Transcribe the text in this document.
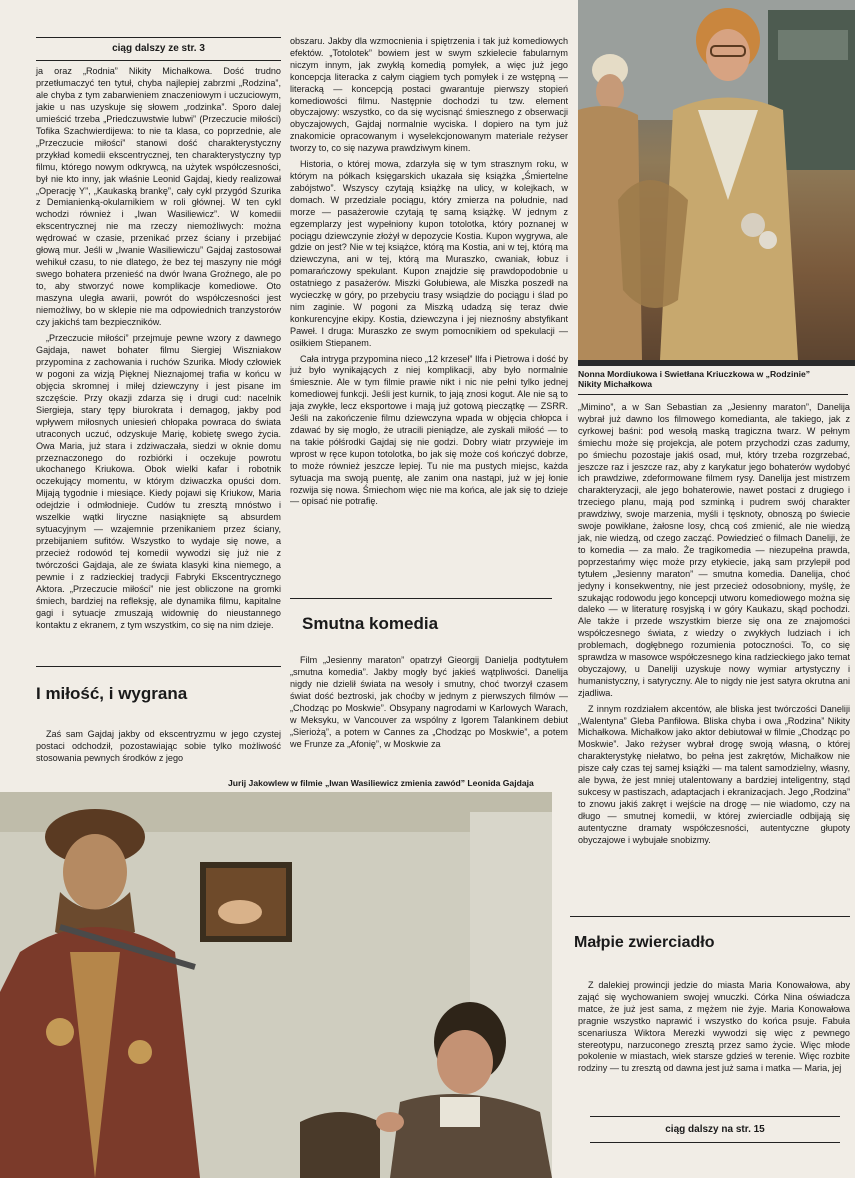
ciąg dalszy ze str. 3

ja oraz „Rodnia” Nikity Michałkowa. Dość trudno przetłumaczyć ten tytuł, chyba najlepiej zabrzmi „Rodzina”, ale chyba z tym zabarwieniem znaczeniowym i uczuciowym, jakie u nas uzyskuje się słowem „rodzinka”. Sporo dalej umieścić trzeba „Priedczuwstwie lubwi” (Przeczucie miłości) Tofika Szachwierdijewa: to nie ta klasa, co poprzednie, ale „Przeczucie miłości” stanowi dość charakterystyczny przykład komedii ekscentrycznej, ten charakterystyczny typ filmu, którego nowym odkrywcą, na użytek współczesności, był nie kto inny, jak właśnie Leonid Gajdaj, kiedy realizował „Operację Y”, „Kaukaską brankę”, cały cykl przygód Szurika z Demianienką-okularnikiem w roli głównej. W ten cykl wchodzi również i „Iwan Wasiliewicz”. W komedii ekscentrycznej nie ma rzeczy niemożliwych: można wędrować w czasie, przenikać przez ściany i przebijać głową mur. Jeśli w „Iwanie Wasiliewiczu” Gajdaj zastosował wehikuł czasu, to nie dlatego, że bez tej maszyny nie mógł swego bohatera przenieść na dwór Iwana Groźnego, ale po to, aby stworzyć nowe komplikacje komediowe. Oto maszyna uległa awarii, powrót do współczesności jest niemożliwy, bo w sklepie nie ma odpowiednich tranzystorów czy jakichś tam bezpieczników.

„Przeczucie miłości” przejmuje pewne wzory z dawnego Gajdaja, nawet bohater filmu Siergiej Wiszniakow przypomina z zachowania i ruchów Szurika. Młody człowiek w pogoni za wizją Pięknej Nieznajomej trafia w końcu w objęcia skromnej i miłej dziewczyny i jest pisane im szczęście. Przy okazji zdarza się i drugi cud: nacelnik Siergieja, stary tępy biurokrata i demagog, jakby pod wpływem miłosnych uniesień chłopaka powraca do świata utraconych uczuć, odzyskuje Marię, kobietę swego życia. Owa Maria, już stara i zdziwaczała, siedzi w oknie domu przeznaczonego do rozbiórki i oczekuje powrotu ukochanego Kriukowa. Obok wielki kafar i robotnik oczekujący momentu, w którym dziwaczka opuści dom. Mijają tygodnie i miesiące. Kiedy pojawi się Kriukow, Maria odejdzie i odmłodnieje. Cudów tu zresztą mnóstwo i wszelkie wątki liryczne nasiąknięte są absurdem sytuacyjnym — wzajemnie przenikaniem przez ściany, przebijaniem sufitów. Wszystko to wydaje się nowe, a przecież rodowód tej komedii wywodzi się już nie z twórczości Gajdaja, ale ze świata klasyki kina niemego, a pewnie i z radzieckiej tradycji Fabryki Ekscentrycznego Aktora. „Przeczucie miłości” nie jest obliczone na gromki śmiech, bardziej na refleksję, ale dynamika filmu, kapitalne gagi i sytuacje zmuszają widownię do nieustannego kontaktu z ekranem, z tym wszystkim, co się na nim dzieje.

I miłość, i wygrana

Zaś sam Gajdaj jakby od ekscentryzmu w jego czystej postaci odchodził, pozostawiając sobie tylko możliwość stosowania pewnych środków z jego

obszaru. Jakby dla wzmocnienia i spiętrzenia i tak już komediowych efektów. „Totolotek” bowiem jest w swym szkielecie fabularnym niczym innym, jak zwykłą komedią pomyłek, a więc już jego koncepcja literacka z całym ciągiem tych pomyłek i ze wstępną — literacką — koncepcją postaci gwarantuje pierwszy stopień komediowości filmu. Następnie dochodzi tu tzw. element obyczajowy: wszystko, co da się wycisnąć śmiesznego z obserwacji obyczajowych, Gajdaj normalnie wyciska. I dopiero na tym już znakomicie opracowanym i wyselekcjonowanym materiale reżyser tworzy to, co się nazywa prawdziwym kinem.

Historia, o której mowa, zdarzyła się w tym strasznym roku, w którym na półkach księgarskich ukazała się książka „Śmiertelne zabójstwo”. Wszyscy czytają książkę na ulicy, w kolejkach, w domach. W przedziale pociągu, który zmierza na południe, nad morze — pasażerowie czytają tę samą książkę. W jednym z egzemplarzy jest wypełniony kupon totolotka, który poznanej w pociągu dziewczynie złożył w depozycie Kostia. Kupon wygrywa, ale gdzie on jest? Nie w tej książce, którą ma Kostia, ani w tej, którą ma dziewczyna, ani w tej, którą ma Muraszko, cwaniak, łobuz i pomarańczowy spekulant. Kupon znajdzie się prawdopodobnie u ostatniego z pasażerów. Miszki Gołubiewa, ale Miszka poszedł na wycieczkę w góry, po przebyciu trasy wsiądzie do pociągu i ślad po nim zaginie. W pogoni za Miszką udadzą się teraz dwie konkurencyjne ekipy. Kostia, dziewczyna i jej nieznośny abstyfikant Paweł. I druga: Muraszko ze swym pomocnikiem od spekulacji — osiłkiem Stiepanem.

Cała intryga przypomina nieco „12 krzeseł” Ilfa i Pietrowa i dość by już było wynikających z niej komplikacji, aby było normalnie śmiesznie. Ale w tym filmie prawie nikt i nic nie pełni tylko jednej komediowej funkcji. Jeśli jest kurnik, to jają znosi kogut. Ale nie są to jaja zwykłe, lecz eksportowe i mają już gotową pieczątkę — ZSRR. Jeśli na zakończenie filmu dziewczyna wpada w objęcia chłopca i zdawać by się mogło, że utracili pieniądze, ale zyskali miłość — to na takie półśrodki Gajdaj się nie godzi. Dobry wiatr przywieje im wprost w ręce kupon totolotka, bo jak się może coś kończyć dobrze, to może również jeszcze lepiej. Tu nie ma pustych miejsc, każda sytuacja ma swoją puentę, ale zanim ona nastąpi, już w jej łonie rozwija się nowa. Śmiechom więc nie ma końca, ale jak się to dzieje — opisać nie potrafię.

Smutna komedia

Film „Jesienny maraton” opatrzył Gieorgij Danielja podtytułem „smutna komedia”. Jakby mogły być jakieś wątpliwości. Danelija nigdy nie dzielił świata na wesoły i smutny, choć tworzył czasem świat dość beztroski, jak choćby w jednym z pierwszych filmów — „Chodząc po Moskwie”. Obsypany nagrodami w Karlowych Warach, w Meksyku, w Vancouver za wspólny z Igorem Talankinem debiut „Sieriożą”, a potem w Cannes za „Chodząc po Moskwie”, a potem we Frunze za „Afonię”, w Moskwie za

Nonna Mordiukowa i Swietłana Kriuczkowa w „Rodzinie” Nikity Michałkowa

„Mimino”, a w San Sebastian za „Jesienny maraton”, Danelija wybrał już dawno los filmowego komedianta, ale takiego, jak z cyrkowej baśni: pod wesołą maską tragiczna twarz. W pełnym śmiechu może się projekcja, ale potem przychodzi czas zadumy, po śmiechu pozostaje jakiś osad, muł, który trzeba rozgrzebać, jeszcze raz i jeszcze raz, aby z karykatur jego bohaterów wydobyć ich prawdziwe, zdeformowane filmem rysy. Danelija jest mistrzem charakteryzacji, ale jego bohaterowie, nawet postaci z drugiego i trzeciego planu, mają pod szminką i pudrem swój charakter prawdziwy, swoje marzenia, myśli i tęsknoty, obnoszą po świecie swoje powikłane, żałosne losy, chcą coś zmienić, ale nie wiedzą jak, nie wiedzą, od czego zacząć. Powiedzieć o filmach Daneliji, że to komedia — za mało. Że tragikomedia — niezupełna prawda, poprzestańmy więc może przy etykiecie, jaką sam przylepił pod tytułem „Jesienny maraton” — smutna komedia. Danelija, choć jedyny i konsekwentny, nie jest przecież odosobniony, myślę, że szukając rodowodu jego koncepcji utworu komediowego można się daleko — w literaturę rosyjską i w góry Kaukazu, skąd pochodzi. Ale także i przede wszystkim bierze się ona ze znajomości współczesnego świata, z wiedzy o zwykłych ludziach i ich problemach, dogłębnego rozumienia potoczności. To, co się sprawdza w masowce współczesnego kina radzieckiego jako temat obyczajowy, u Daneliji uzyskuje nowy wymiar artystyczny i humanistyczny, i satyryczny. Ale to nigdy nie jest satyra okrutna ani zjadliwa.

Z innym rozdziałem akcentów, ale bliska jest twórczości Daneliji „Walentyna” Gleba Panfiłowa. Bliska chyba i owa „Rodzina” Nikity Michałkowa. Michałkow jako aktor debiutował w filmie „Chodząc po Moskwie”. Jako reżyser wybrał drogę swoją własną, o której charakterystykę niełatwo, bo pełna jest zakrętów, Michałkow nie pisze cały czas tej samej książki — ma talent samodzielny, własny, ale bywa, że jest mniej utalentowany a bardziej inteligentny, stąd sukcesy w pastiszach, adaptacjach i ekranizacjach. Jego „Rodzina” to znowu jakiś zakręt i wejście na drogę — nie wiadomo, czy na długo — smutnej komedii, w której zwierciadle odbijają się autentyczne dramaty współczesności, autentyczne głupoty obyczajowe i wybujałe snobizmy.

Małpie zwierciadło

Z dalekiej prowincji jedzie do miasta Maria Konowałowa, aby zająć się wychowaniem swojej wnuczki. Córka Nina oświadcza matce, że już jest sama, z mężem nie żyje. Maria Konowałowa pragnie wszystko naprawić i wszystko do końca psuje. Fabuła scenariusza Wiktora Merezki wywodzi się więc z pewnego stereotypu, narzuconego zresztą przez samo życie. Więc młode pokolenie w miastach, wiek starsze gdzieś w terenie. Więc rozbite rodziny — tu zresztą od dawna jest już sama i matka — Maria, jej

ciąg dalszy na str. 15
Jurij Jakowlew w filmie „Iwan Wasiliewicz zmienia zawód” Leonida Gajdaja
